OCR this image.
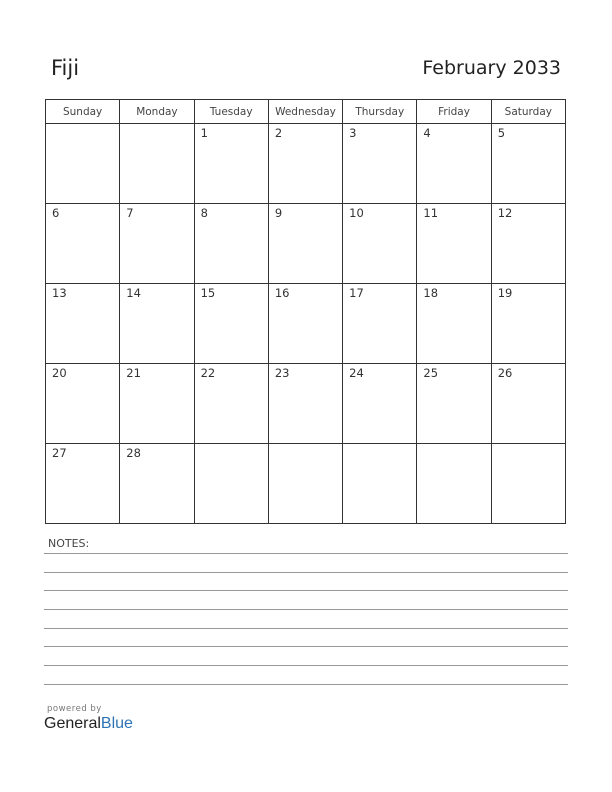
Fiji	February 2033
Sunday	Monday	Tuesday	Wednesday	Thursday	Friday	Saturday
		1	2	3	4	5
6	7	8	9	10	11	12
13	14	15	16	17	18	19
20	21	22	23	24	25	26
27	28					
NOTES:
powered by
GeneralBlue
